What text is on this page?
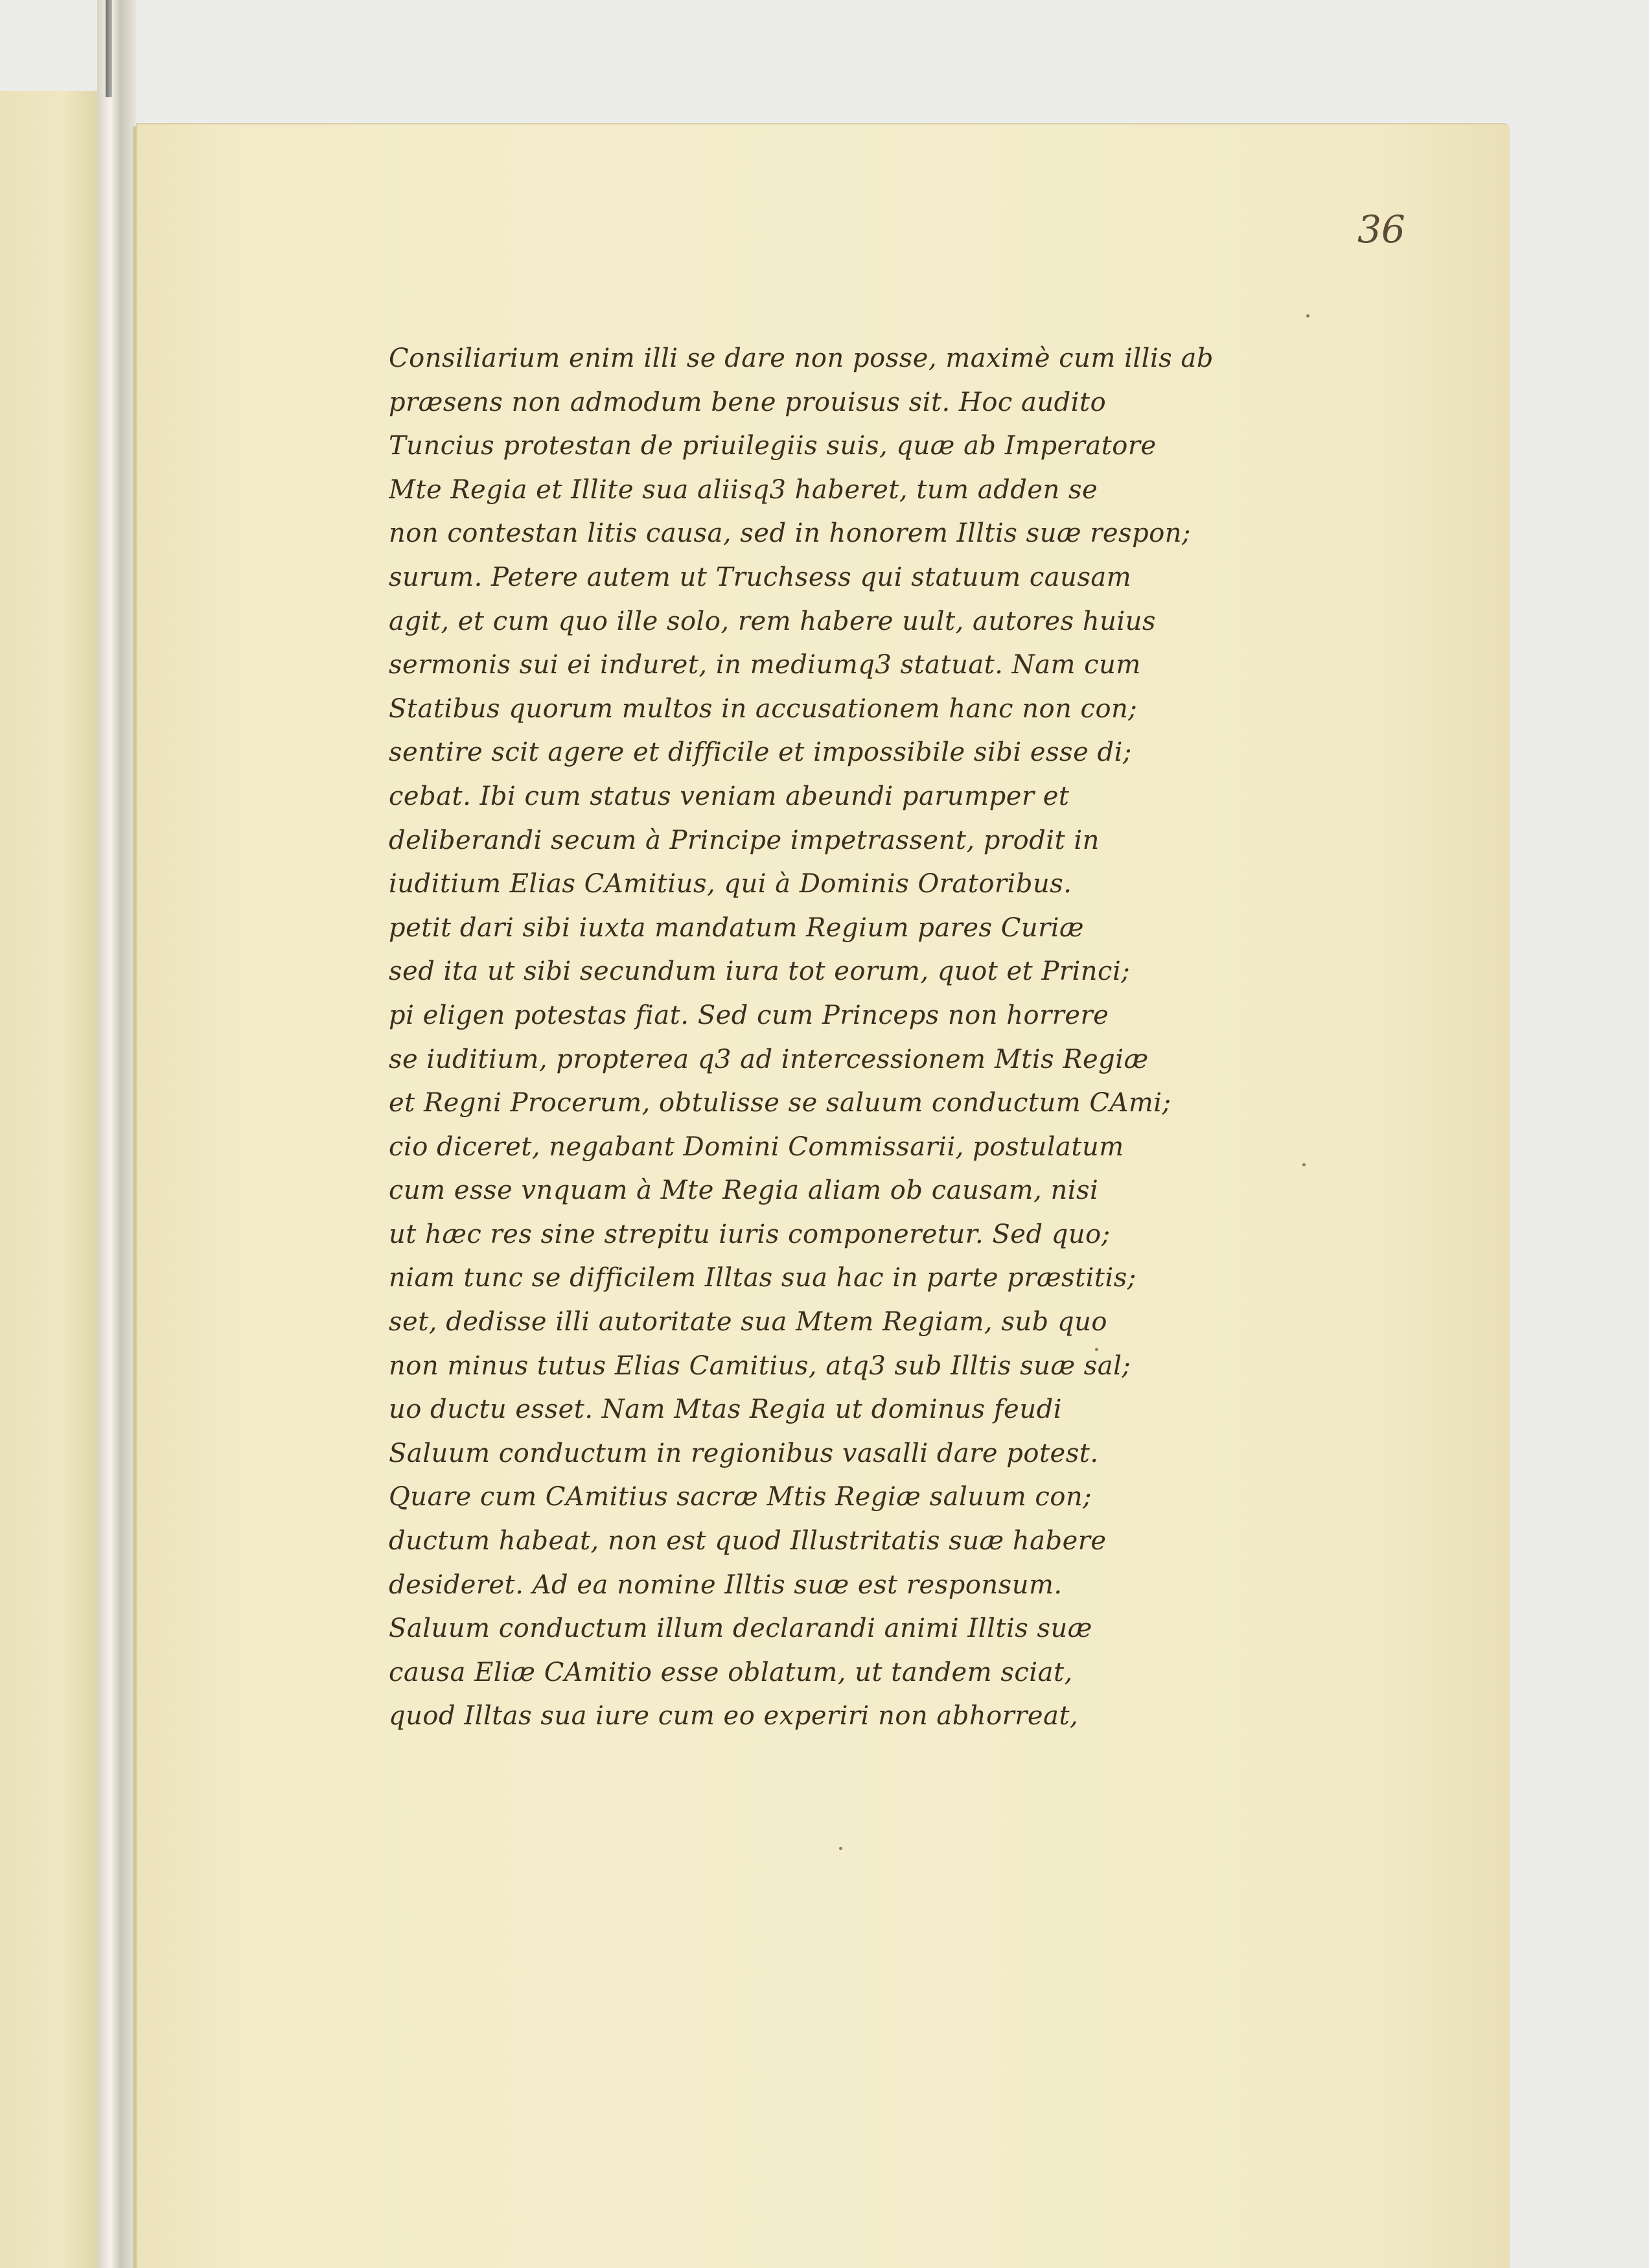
36
Consiliarium enim illi se dare non posse, maximè cum illis ab
præsens non admodum bene prouisus sit. Hoc audito
Tuncius protestan de priuilegiis suis, quæ ab Imperatore
Mte Regia et Illite sua aliisq3 haberet, tum adden se
non contestan litis causa, sed in honorem Illtis suæ respon;
surum. Petere autem ut Truchsess qui statuum causam
agit, et cum quo ille solo, rem habere uult, autores huius
sermonis sui ei induret, in mediumq3 statuat. Nam cum
Statibus quorum multos in accusationem hanc non con;
sentire scit agere et difficile et impossibile sibi esse di;
cebat. Ibi cum status veniam abeundi parumper et
deliberandi secum à Principe impetrassent, prodit in
iuditium Elias CAmitius, qui à Dominis Oratoribus.
petit dari sibi iuxta mandatum Regium pares Curiæ
sed ita ut sibi secundum iura tot eorum, quot et Princi;
pi eligen potestas fiat. Sed cum Princeps non horrere
se iuditium, propterea q3 ad intercessionem Mtis Regiæ
et Regni Procerum, obtulisse se saluum conductum CAmi;
cio diceret, negabant Domini Commissarii, postulatum
cum esse vnquam à Mte Regia aliam ob causam, nisi
ut hæc res sine strepitu iuris componeretur. Sed quo;
niam tunc se difficilem Illtas sua hac in parte præstitis;
set, dedisse illi autoritate sua Mtem Regiam, sub quo
non minus tutus Elias Camitius, atq3 sub Illtis suæ sal;
uo ductu esset. Nam Mtas Regia ut dominus feudi
Saluum conductum in regionibus vasalli dare potest.
Quare cum CAmitius sacræ Mtis Regiæ saluum con;
ductum habeat, non est quod Illustritatis suæ habere
desideret. Ad ea nomine Illtis suæ est responsum.
Saluum conductum illum declarandi animi Illtis suæ
causa Eliæ CAmitio esse oblatum, ut tandem sciat,
quod Illtas sua iure cum eo experiri non abhorreat,
